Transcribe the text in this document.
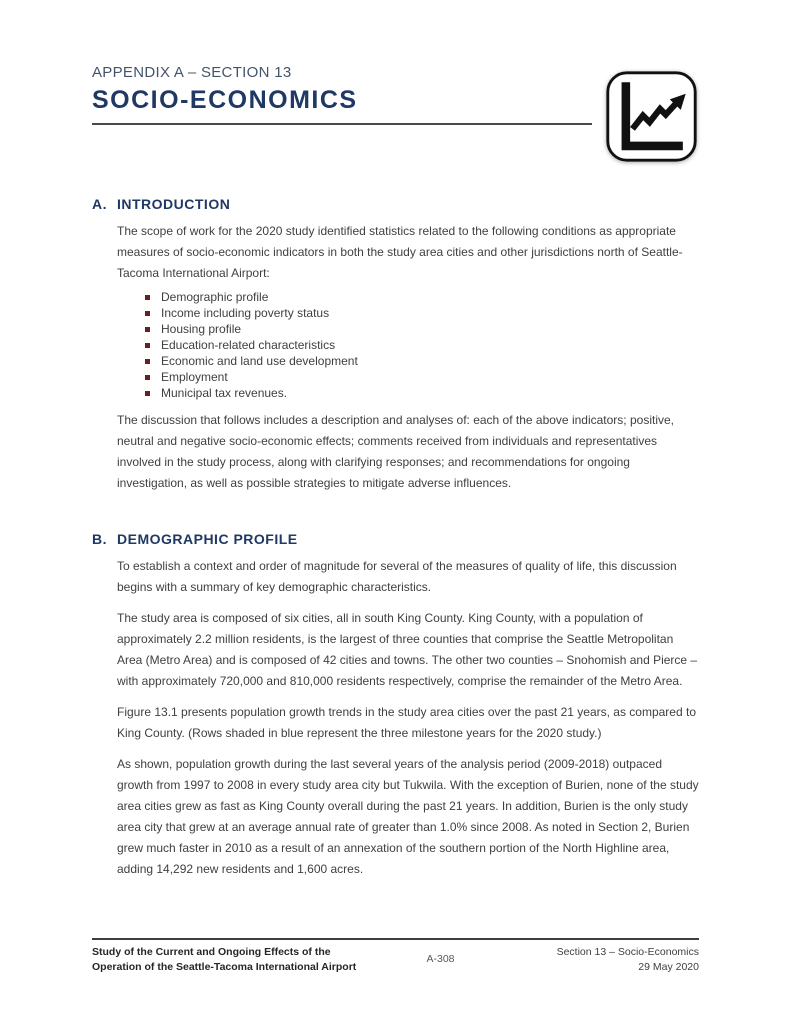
APPENDIX A – SECTION 13
SOCIO-ECONOMICS
A. INTRODUCTION

The scope of work for the 2020 study identified statistics related to the following conditions as appropriate measures of socio-economic indicators in both the study area cities and other jurisdictions north of Seattle-Tacoma International Airport:

Demographic profile
Income including poverty status
Housing profile
Education-related characteristics
Economic and land use development
Employment
Municipal tax revenues.

The discussion that follows includes a description and analyses of: each of the above indicators; positive, neutral and negative socio-economic effects; comments received from individuals and representatives involved in the study process, along with clarifying responses; and recommendations for ongoing investigation, as well as possible strategies to mitigate adverse influences.

B. DEMOGRAPHIC PROFILE

To establish a context and order of magnitude for several of the measures of quality of life, this discussion begins with a summary of key demographic characteristics.

The study area is composed of six cities, all in south King County. King County, with a population of approximately 2.2 million residents, is the largest of three counties that comprise the Seattle Metropolitan Area (Metro Area) and is composed of 42 cities and towns. The other two counties – Snohomish and Pierce – with approximately 720,000 and 810,000 residents respectively, comprise the remainder of the Metro Area.

Figure 13.1 presents population growth trends in the study area cities over the past 21 years, as compared to King County. (Rows shaded in blue represent the three milestone years for the 2020 study.)

As shown, population growth during the last several years of the analysis period (2009-2018) outpaced growth from 1997 to 2008 in every study area city but Tukwila. With the exception of Burien, none of the study area cities grew as fast as King County overall during the past 21 years. In addition, Burien is the only study area city that grew at an average annual rate of greater than 1.0% since 2008. As noted in Section 2, Burien grew much faster in 2010 as a result of an annexation of the southern portion of the North Highline area, adding 14,292 new residents and 1,600 acres.

Study of the Current and Ongoing Effects of the
Operation of the Seattle-Tacoma International Airport
A-308
Section 13 – Socio-Economics
29 May 2020
